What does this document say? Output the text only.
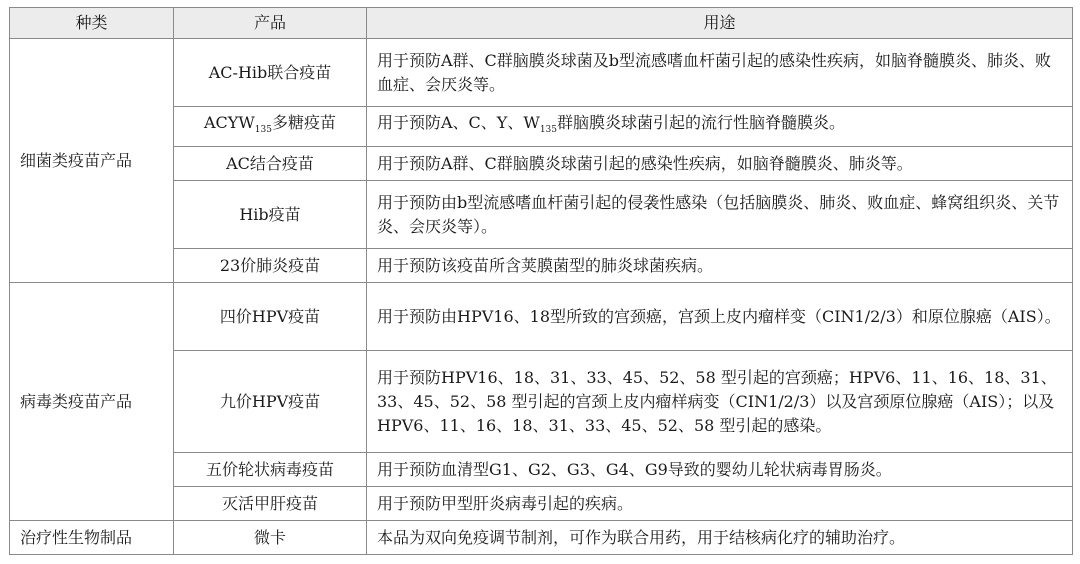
种类	产品	用途
细菌类疫苗产品	AC-Hib联合疫苗	用于预防A群、C群脑膜炎球菌及b型流感嗜血杆菌引起的感染性疾病，如脑脊髓膜炎、肺炎、败血症、会厌炎等。
	$ACYW_{135}$多糖疫苗	用于预防A、C、Y、$W_{135}$群脑膜炎球菌引起的流行性脑脊髓膜炎。
	AC结合疫苗	用于预防A群、C群脑膜炎球菌引起的感染性疾病，如脑脊髓膜炎、肺炎等。
	Hib疫苗	用于预防由b型流感嗜血杆菌引起的侵袭性感染（包括脑膜炎、肺炎、败血症、蜂窝组织炎、关节炎、会厌炎等）。
	23价肺炎疫苗	用于预防该疫苗所含荚膜菌型的肺炎球菌疾病。
病毒类疫苗产品	四价HPV疫苗	用于预防由HPV16、18型所致的宫颈癌，宫颈上皮内瘤样变（CIN1/2/3）和原位腺癌（AIS）。
	九价HPV疫苗	用于预防HPV16、18、31、33、45、52、58 型引起的宫颈癌；HPV6、11、16、18、31、33、45、52、58 型引起的宫颈上皮内瘤样病变（CIN1/2/3）以及宫颈原位腺癌（AIS）；以及HPV6、11、16、18、31、33、45、52、58 型引起的感染。
	五价轮状病毒疫苗	用于预防血清型G1、G2、G3、G4、G9导致的婴幼儿轮状病毒胃肠炎。
	灭活甲肝疫苗	用于预防甲型肝炎病毒引起的疾病。
治疗性生物制品	微卡	本品为双向免疫调节制剂，可作为联合用药，用于结核病化疗的辅助治疗。
